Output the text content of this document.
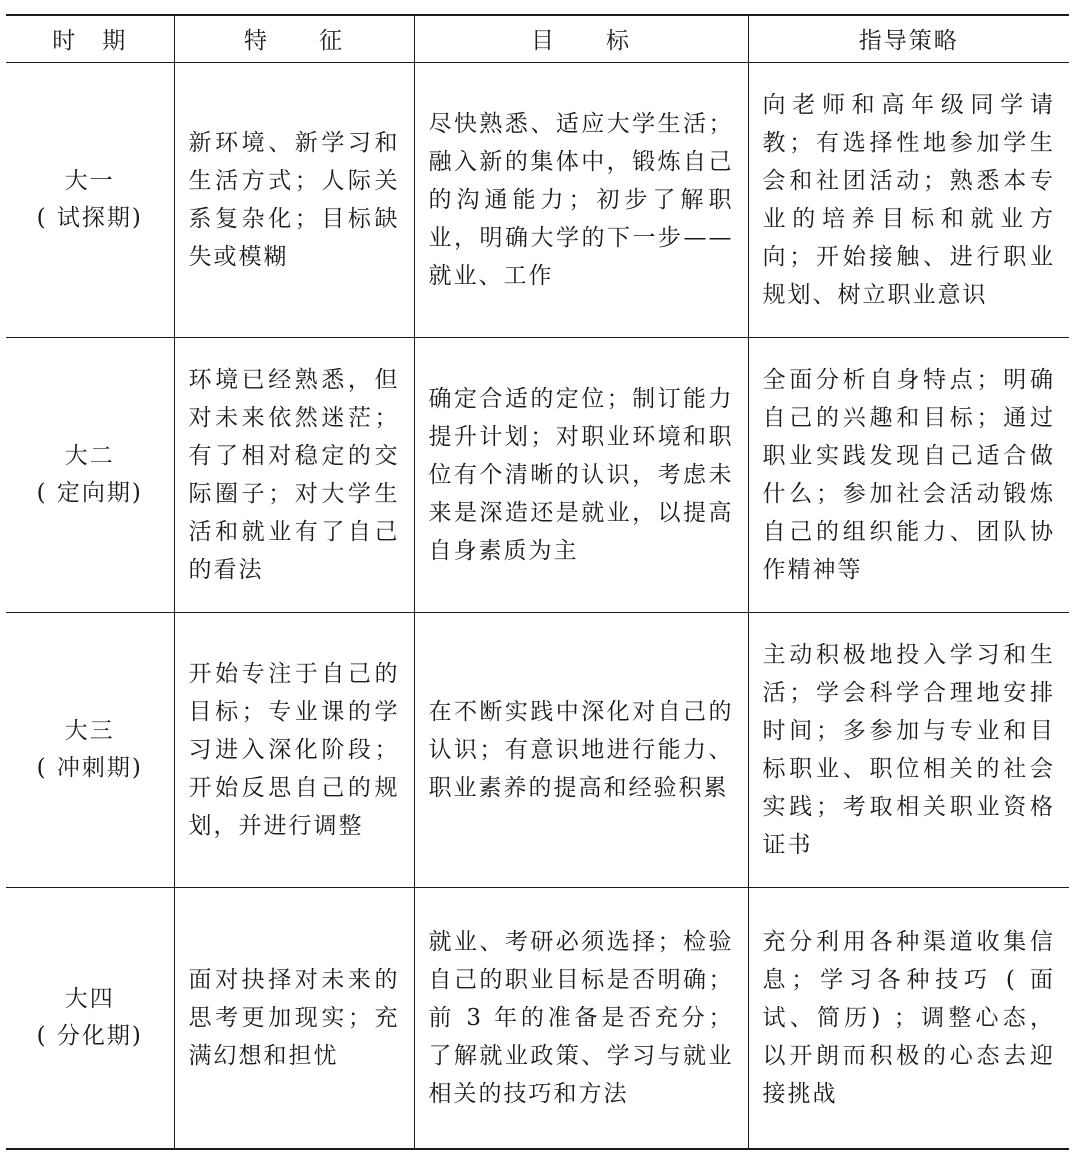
时　期	特　　征	目　　标	指导策略

大一
( 试探期)	新环境、新学习和生活方式；人际关系复杂化；目标缺失或模糊	尽快熟悉、适应大学生活；融入新的集体中，锻炼自己的沟通能力；初步了解职业，明确大学的下一步——就业、工作	向老师和高年级同学请教；有选择性地参加学生会和社团活动；熟悉本专业的培养目标和就业方向；开始接触、进行职业规划、树立职业意识

大二
( 定向期)	环境已经熟悉，但对未来依然迷茫；有了相对稳定的交际圈子；对大学生活和就业有了自己的看法	确定合适的定位；制订能力提升计划；对职业环境和职位有个清晰的认识，考虑未来是深造还是就业，以提高自身素质为主	全面分析自身特点；明确自己的兴趣和目标；通过职业实践发现自己适合做什么；参加社会活动锻炼自己的组织能力、团队协作精神等

大三
( 冲刺期)	开始专注于自己的目标；专业课的学习进入深化阶段；开始反思自己的规划，并进行调整	在不断实践中深化对自己的认识；有意识地进行能力、职业素养的提高和经验积累	主动积极地投入学习和生活；学会科学合理地安排时间；多参加与专业和目标职业、职位相关的社会实践；考取相关职业资格证书

大四
( 分化期)	面对抉择对未来的思考更加现实；充满幻想和担忧	就业、考研必须选择；检验自己的职业目标是否明确；前 3 年的准备是否充分；了解就业政策、学习与就业相关的技巧和方法	充分利用各种渠道收集信息；学习各种技巧 ( 面试、简历) ；调整心态，以开朗而积极的心态去迎接挑战
